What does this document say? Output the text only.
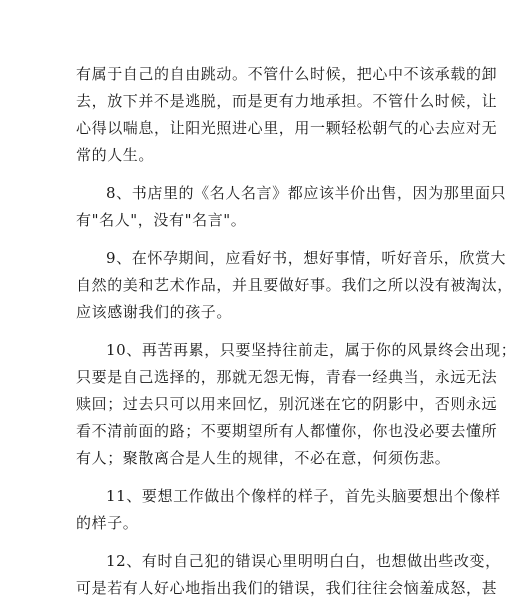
有属于自己的自由跳动。不管什么时候，把心中不该承载的卸
去，放下并不是逃脱，而是更有力地承担。不管什么时候，让
心得以喘息，让阳光照进心里，用一颗轻松朝气的心去应对无
常的人生。

8、书店里的《名人名言》都应该半价出售，因为那里面只
有"名人"，没有"名言"。

9、在怀孕期间，应看好书，想好事情，听好音乐，欣赏大
自然的美和艺术作品，并且要做好事。我们之所以没有被淘汰，
应该感谢我们的孩子。

10、再苦再累，只要坚持往前走，属于你的风景终会出现；
只要是自己选择的，那就无怨无悔，青春一经典当，永远无法
赎回；过去只可以用来回忆，别沉迷在它的阴影中，否则永远
看不清前面的路；不要期望所有人都懂你，你也没必要去懂所
有人；聚散离合是人生的规律，不必在意，何须伤悲。

11、要想工作做出个像样的样子，首先头脑要想出个像样
的样子。

12、有时自己犯的错误心里明明白白，也想做出些改变，
可是若有人好心地指出我们的错误，我们往往会恼羞成怒，甚
